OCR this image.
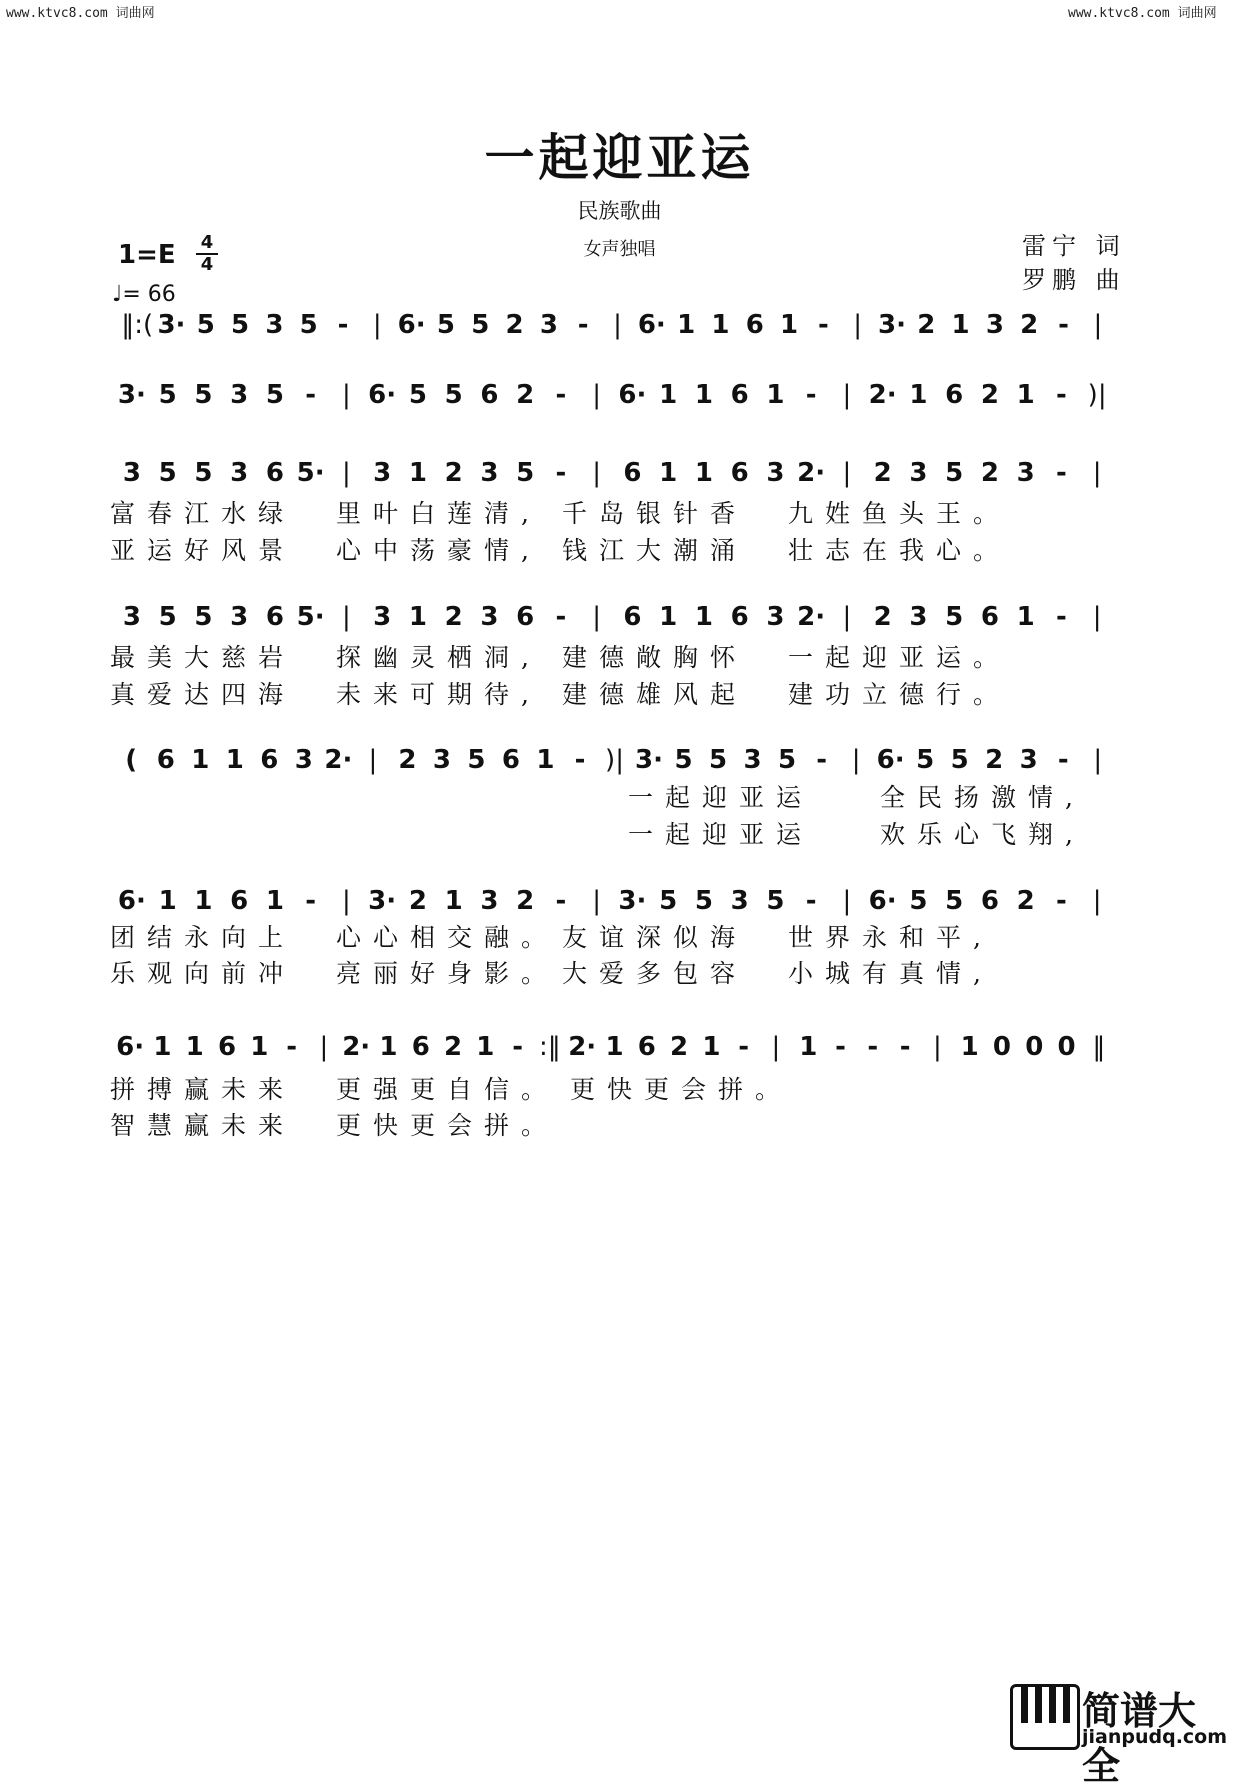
www.ktvc8.com 词曲网	www.ktvc8.com 词曲网
一起迎亚运
民族歌曲
女声独唱
1=E 4
4
♩= 66
雷宁 词
罗鹏 曲
‖:( 3· 5 5 3 5 - | 6· 5 5 2 3 - | 6· 1 1 6 1 - | 3· 2 1 3 2 - |
3· 5 5 3 5 - | 6· 5 5 6 2 - | 6· 1 1 6 1 - | 2· 1 6 2 1 - )|
3 5 5 3 6 5· | 3 1 2 3 5 - | 6 1 1 6 3 2· | 2 3 5 2 3 - |
富春江水绿 里叶白莲清, 千岛银针香 九姓鱼头王。
亚运好风景 心中荡豪情, 钱江大潮涌 壮志在我心。
3 5 5 3 6 5· | 3 1 2 3 6 - | 6 1 1 6 3 2· | 2 3 5 6 1 - |
最美大慈岩 探幽灵栖洞, 建德敞胸怀 一起迎亚运。
真爱达四海 未来可期待, 建德雄风起 建功立德行。
( 6 1 1 6 3 2· | 2 3 5 6 1 - )| 3· 5 5 3 5 - | 6· 5 5 2 3 - |
一起迎亚运	全民扬激情,
一起迎亚运	欢乐心飞翔,
6· 1 1 6 1 - | 3· 2 1 3 2 - | 3· 5 5 3 5 - | 6· 5 5 6 2 - |
团结永向上 心心相交融。 友谊深似海 世界永和平,
乐观向前冲 亮丽好身影。 大爱多包容 小城有真情,
6· 1 1 6 1 - | 2· 1 6 2 1 - :‖ 2· 1 6 2 1 - | 1 - - - | 1 0 0 0 ‖
拼搏赢未来 更强更自信。 更快更会拼。
智慧赢未来 更快更会拼。
简谱大全
jianpudq.com
